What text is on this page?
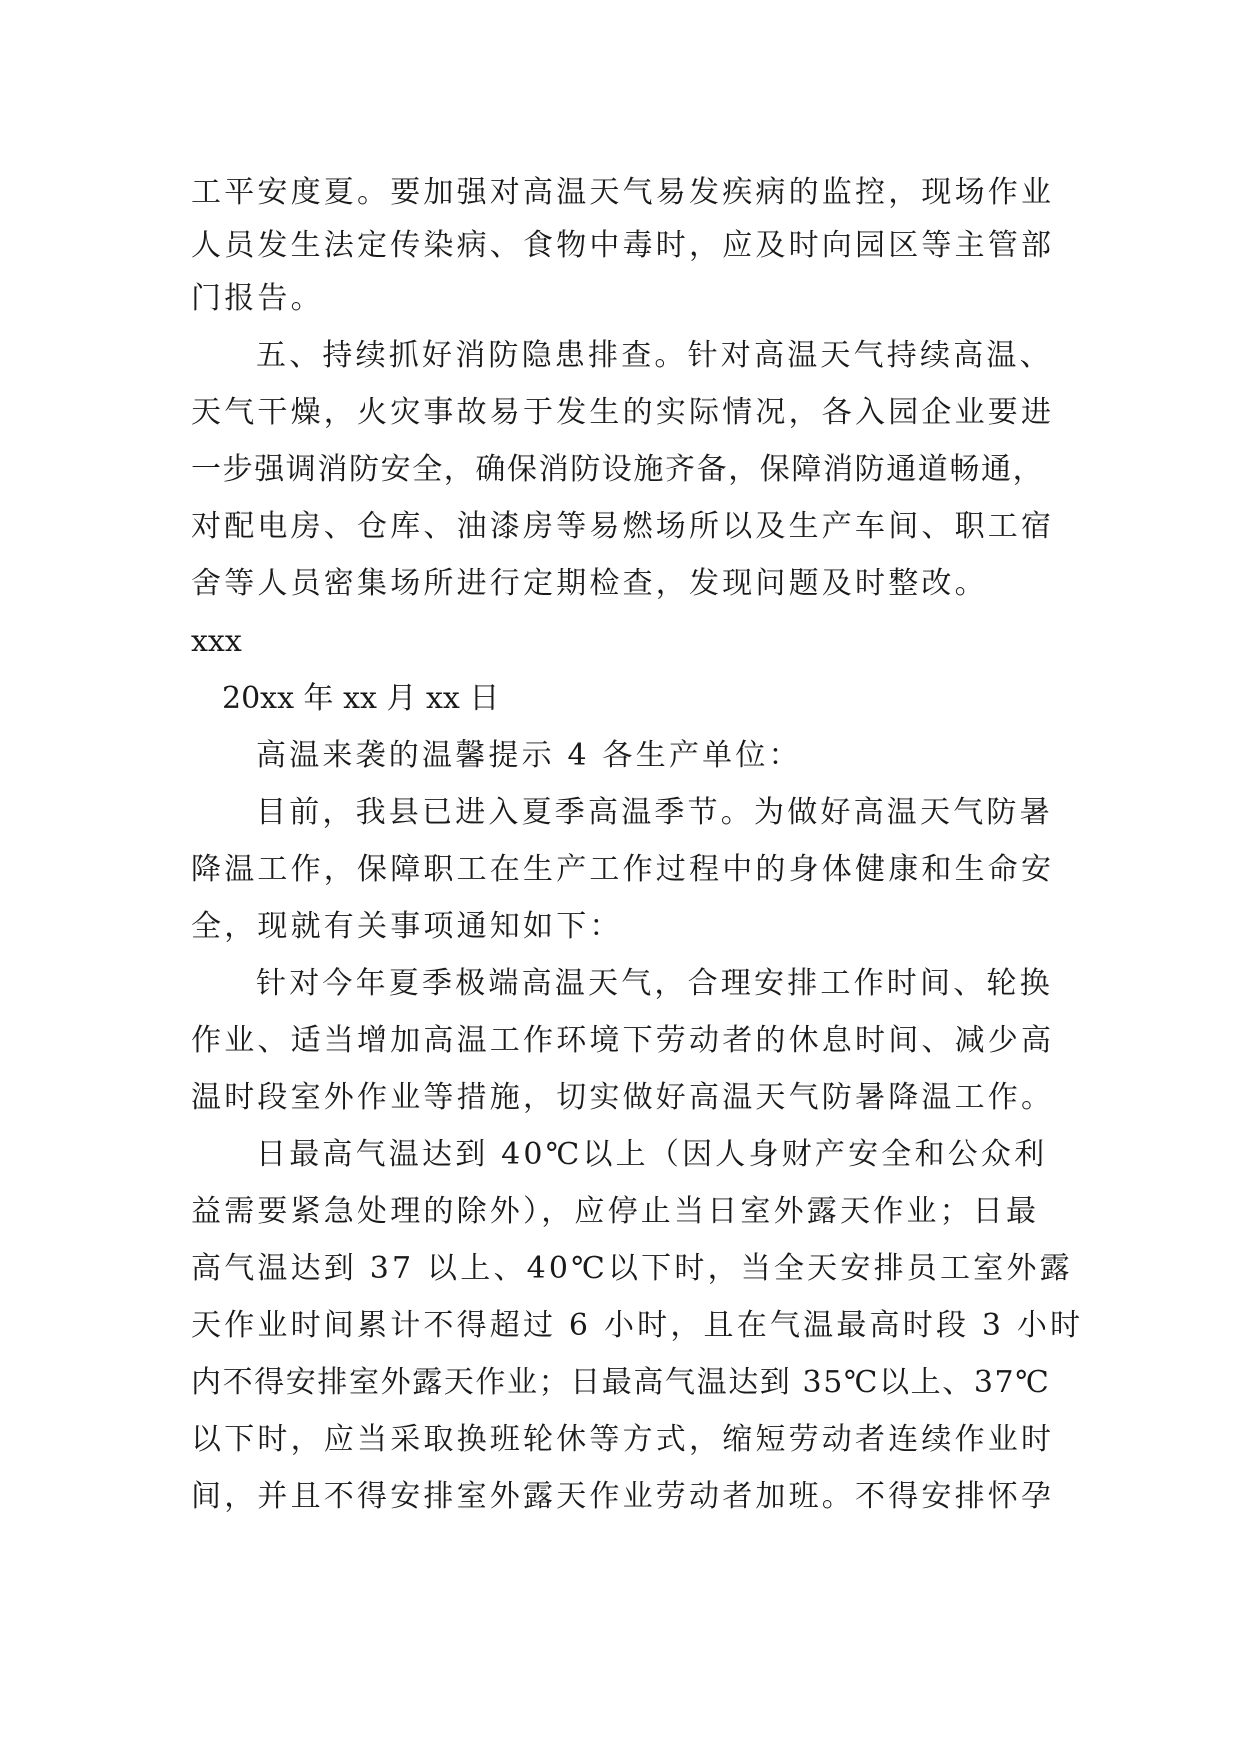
工平安度夏。要加强对高温天气易发疾病的监控，现场作业
人员发生法定传染病、食物中毒时，应及时向园区等主管部
门报告。
五、持续抓好消防隐患排查。针对高温天气持续高温、
天气干燥，火灾事故易于发生的实际情况，各入园企业要进
一步强调消防安全，确保消防设施齐备，保障消防通道畅通，
对配电房、仓库、油漆房等易燃场所以及生产车间、职工宿
舍等人员密集场所进行定期检查，发现问题及时整改。
xxx
20xx 年 xx 月 xx 日
高温来袭的温馨提示 4 各生产单位：
目前，我县已进入夏季高温季节。为做好高温天气防暑
降温工作，保障职工在生产工作过程中的身体健康和生命安
全，现就有关事项通知如下：
针对今年夏季极端高温天气，合理安排工作时间、轮换
作业、适当增加高温工作环境下劳动者的休息时间、减少高
温时段室外作业等措施，切实做好高温天气防暑降温工作。
日最高气温达到 40℃以上（因人身财产安全和公众利
益需要紧急处理的除外），应停止当日室外露天作业；日最
高气温达到 37 以上、40℃以下时，当全天安排员工室外露
天作业时间累计不得超过 6 小时，且在气温最高时段 3 小时
内不得安排室外露天作业；日最高气温达到 35℃以上、37℃
以下时，应当采取换班轮休等方式，缩短劳动者连续作业时
间，并且不得安排室外露天作业劳动者加班。不得安排怀孕
